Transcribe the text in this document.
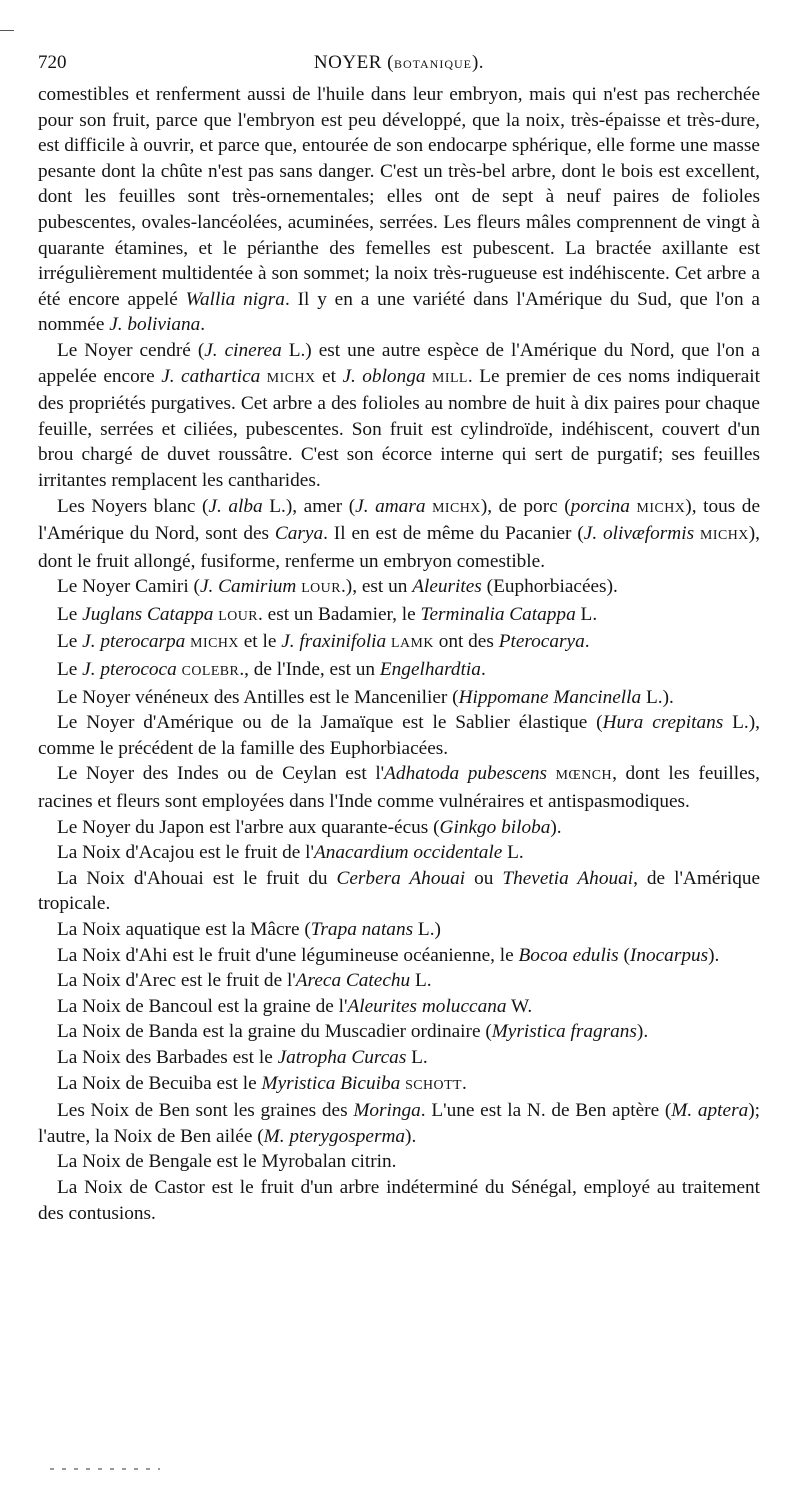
720	NOYER (BOTANIQUE).

comestibles et renferment aussi de l'huile dans leur embryon, mais qui n'est pas recherchée pour son fruit, parce que l'embryon est peu développé, que la noix, très-épaisse et très-dure, est difficile à ouvrir, et parce que, entourée de son endocarpe sphérique, elle forme une masse pesante dont la chûte n'est pas sans danger. C'est un très-bel arbre, dont le bois est excellent, dont les feuilles sont très-ornementales; elles ont de sept à neuf paires de folioles pubescentes, ovales-lancéolées, acuminées, serrées. Les fleurs mâles comprennent de vingt à quarante étamines, et le périanthe des femelles est pubescent. La bractée axillante est irrégulièrement multidentée à son sommet; la noix très-rugueuse est indéhiscente. Cet arbre a été encore appelé Wallia nigra. Il y en a une variété dans l'Amérique du Sud, que l'on a nommée J. boliviana.

Le Noyer cendré (J. cinerea L.) est une autre espèce de l'Amérique du Nord, que l'on a appelée encore J. cathartica MICHX et J. oblonga MILL. Le premier de ces noms indiquerait des propriétés purgatives. Cet arbre a des folioles au nombre de huit à dix paires pour chaque feuille, serrées et ciliées, pubescentes. Son fruit est cylindroïde, indéhiscent, couvert d'un brou chargé de duvet roussâtre. C'est son écorce interne qui sert de purgatif; ses feuilles irritantes remplacent les cantharides.

Les Noyers blanc (J. alba L.), amer (J. amara MICHX), de porc (porcina MICHX), tous de l'Amérique du Nord, sont des Carya. Il en est de même du Pacanier (J. olivæformis MICHX), dont le fruit allongé, fusiforme, renferme un embryon comestible.

Le Noyer Camiri (J. Camirium LOUR.), est un Aleurites (Euphorbiacées).

Le Juglans Catappa LOUR. est un Badamier, le Terminalia Catappa L.

Le J. pterocarpa MICHX et le J. fraxinifolia LAMK ont des Pterocarya.

Le J. pterococa COLEBR., de l'Inde, est un Engelhardtia.

Le Noyer vénéneux des Antilles est le Mancenilier (Hippomane Mancinella L.).

Le Noyer d'Amérique ou de la Jamaïque est le Sablier élastique (Hura crepitans L.), comme le précédent de la famille des Euphorbiacées.

Le Noyer des Indes ou de Ceylan est l'Adhatoda pubescens MŒNCH, dont les feuilles, racines et fleurs sont employées dans l'Inde comme vulnéraires et antispasmodiques.

Le Noyer du Japon est l'arbre aux quarante-écus (Ginkgo biloba).

La Noix d'Acajou est le fruit de l'Anacardium occidentale L.

La Noix d'Ahouai est le fruit du Cerbera Ahouai ou Thevetia Ahouai, de l'Amérique tropicale.

La Noix aquatique est la Mâcre (Trapa natans L.)

La Noix d'Ahi est le fruit d'une légumineuse océanienne, le Bocoa edulis (Inocarpus).

La Noix d'Arec est le fruit de l'Areca Catechu L.

La Noix de Bancoul est la graine de l'Aleurites moluccana W.

La Noix de Banda est la graine du Muscadier ordinaire (Myristica fragrans).

La Noix des Barbades est le Jatropha Curcas L.

La Noix de Becuiba est le Myristica Bicuiba SCHOTT.

Les Noix de Ben sont les graines des Moringa. L'une est la N. de Ben aptère (M. aptera); l'autre, la Noix de Ben ailée (M. pterygosperma).

La Noix de Bengale est le Myrobalan citrin.

La Noix de Castor est le fruit d'un arbre indéterminé du Sénégal, employé au traitement des contusions.
